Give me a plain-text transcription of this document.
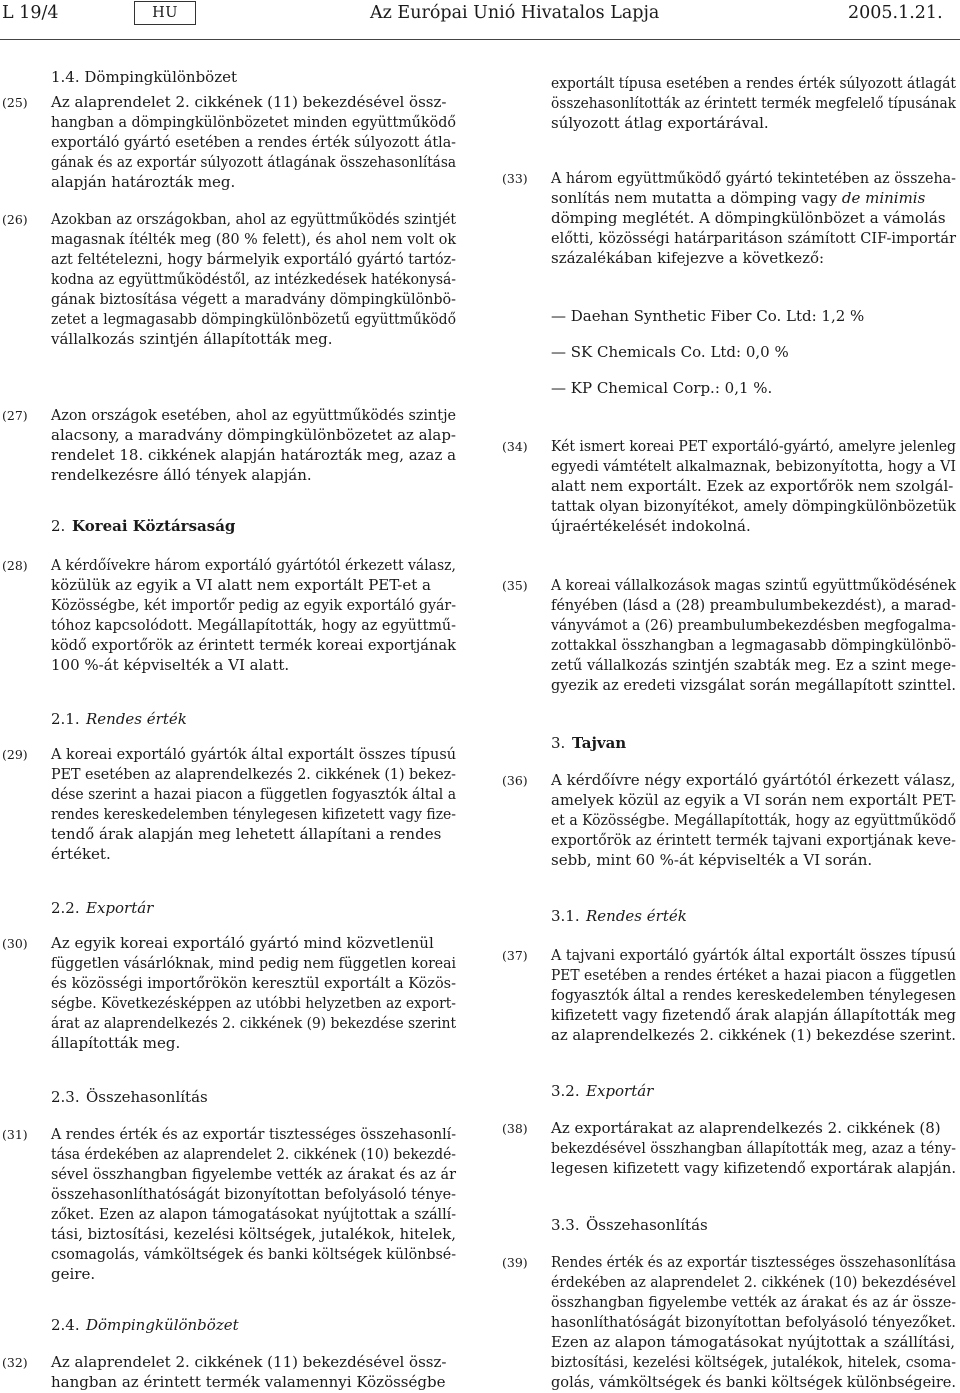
L 19/4	HU	Az Európai Unió Hivatalos Lapja	2005.1.21.
1.4. Dömpingkülönbözet
(25) Az alaprendelet 2. cikkének (11) bekezdésével össz-
hangban a dömpingkülönbözetet minden együttműködő
exportáló gyártó esetében a rendes érték súlyozott átla-
gának és az exportár súlyozott átlagának összehasonlítása
alapján határozták meg.
(26) Azokban az országokban, ahol az együttműködés szintjét
magasnak ítélték meg (80 % felett), és ahol nem volt ok
azt feltételezni, hogy bármelyik exportáló gyártó tartóz-
kodna az együttműködéstől, az intézkedések hatékonysá-
gának biztosítása végett a maradvány dömpingkülönbö-
zetet a legmagasabb dömpingkülönbözetű együttműködő
vállalkozás szintjén állapították meg.
(27) Azon országok esetében, ahol az együttműködés szintje
alacsony, a maradvány dömpingkülönbözetet az alap-
rendelet 18. cikkének alapján határozták meg, azaz a
rendelkezésre álló tények alapján.
2. Koreai Köztársaság
(28) A kérdőívekre három exportáló gyártótól érkezett válasz,
közülük az egyik a VI alatt nem exportált PET-et a
Közösségbe, két importőr pedig az egyik exportáló gyár-
tóhoz kapcsolódott. Megállapították, hogy az együttmű-
ködő exportőrök az érintett termék koreai exportjának
100 %-át képviselték a VI alatt.
2.1. Rendes érték
(29) A koreai exportáló gyártók által exportált összes típusú
PET esetében az alaprendelkezés 2. cikkének (1) bekez-
dése szerint a hazai piacon a független fogyasztók által a
rendes kereskedelemben ténylegesen kifizetett vagy fize-
tendő árak alapján meg lehetett állapítani a rendes
értéket.
2.2. Exportár
(30) Az egyik koreai exportáló gyártó mind közvetlenül
független vásárlóknak, mind pedig nem független koreai
és közösségi importőrökön keresztül exportált a Közös-
ségbe. Következésképpen az utóbbi helyzetben az export-
árat az alaprendelkezés 2. cikkének (9) bekezdése szerint
állapították meg.
2.3. Összehasonlítás
(31) A rendes érték és az exportár tisztességes összehasonlí-
tása érdekében az alaprendelet 2. cikkének (10) bekezdé-
sével összhangban figyelembe vették az árakat és az ár
összehasonlíthatóságát bizonyítottan befolyásoló ténye-
zőket. Ezen az alapon támogatásokat nyújtottak a szállí-
tási, biztosítási, kezelési költségek, jutalékok, hitelek,
csomagolás, vámköltségek és banki költségek különbsé-
geire.
2.4. Dömpingkülönbözet
(32) Az alaprendelet 2. cikkének (11) bekezdésével össz-
hangban az érintett termék valamennyi Közösségbe
exportált típusa esetében a rendes érték súlyozott átlagát
összehasonlították az érintett termék megfelelő típusának
súlyozott átlag exportárával.
(33) A három együttműködő gyártó tekintetében az összeha-
sonlítás nem mutatta a dömping vagy de minimis
dömping meglétét. A dömpingkülönbözet a vámolás
előtti, közösségi határparitáson számított CIF-importár
százalékában kifejezve a következő:
— Daehan Synthetic Fiber Co. Ltd: 1,2 %
— SK Chemicals Co. Ltd: 0,0 %
— KP Chemical Corp.: 0,1 %.
(34) Két ismert koreai PET exportáló-gyártó, amelyre jelenleg
egyedi vámtételt alkalmaznak, bebizonyította, hogy a VI
alatt nem exportált. Ezek az exportőrök nem szolgál-
tattak olyan bizonyítékot, amely dömpingkülönbözetük
újraértékelését indokolná.
(35) A koreai vállalkozások magas szintű együttműködésének
fényében (lásd a (28) preambulumbekezdést), a marad-
ványvámot a (26) preambulumbekezdésben megfogalma-
zottakkal összhangban a legmagasabb dömpingkülönbö-
zetű vállalkozás szintjén szabták meg. Ez a szint mege-
gyezik az eredeti vizsgálat során megállapított szinttel.
3. Tajvan
(36) A kérdőívre négy exportáló gyártótól érkezett válasz,
amelyek közül az egyik a VI során nem exportált PET-
et a Közösségbe. Megállapították, hogy az együttműködő
exportőrök az érintett termék tajvani exportjának keve-
sebb, mint 60 %-át képviselték a VI során.
3.1. Rendes érték
(37) A tajvani exportáló gyártók által exportált összes típusú
PET esetében a rendes értéket a hazai piacon a független
fogyasztók által a rendes kereskedelemben ténylegesen
kifizetett vagy fizetendő árak alapján állapították meg
az alaprendelkezés 2. cikkének (1) bekezdése szerint.
3.2. Exportár
(38) Az exportárakat az alaprendelkezés 2. cikkének (8)
bekezdésével összhangban állapították meg, azaz a tény-
legesen kifizetett vagy kifizetendő exportárak alapján.
3.3. Összehasonlítás
(39) Rendes érték és az exportár tisztességes összehasonlítása
érdekében az alaprendelet 2. cikkének (10) bekezdésével
összhangban figyelembe vették az árakat és az ár össze-
hasonlíthatóságát bizonyítottan befolyásoló tényezőket.
Ezen az alapon támogatásokat nyújtottak a szállítási,
biztosítási, kezelési költségek, jutalékok, hitelek, csoma-
golás, vámköltségek és banki költségek különbségeire.
